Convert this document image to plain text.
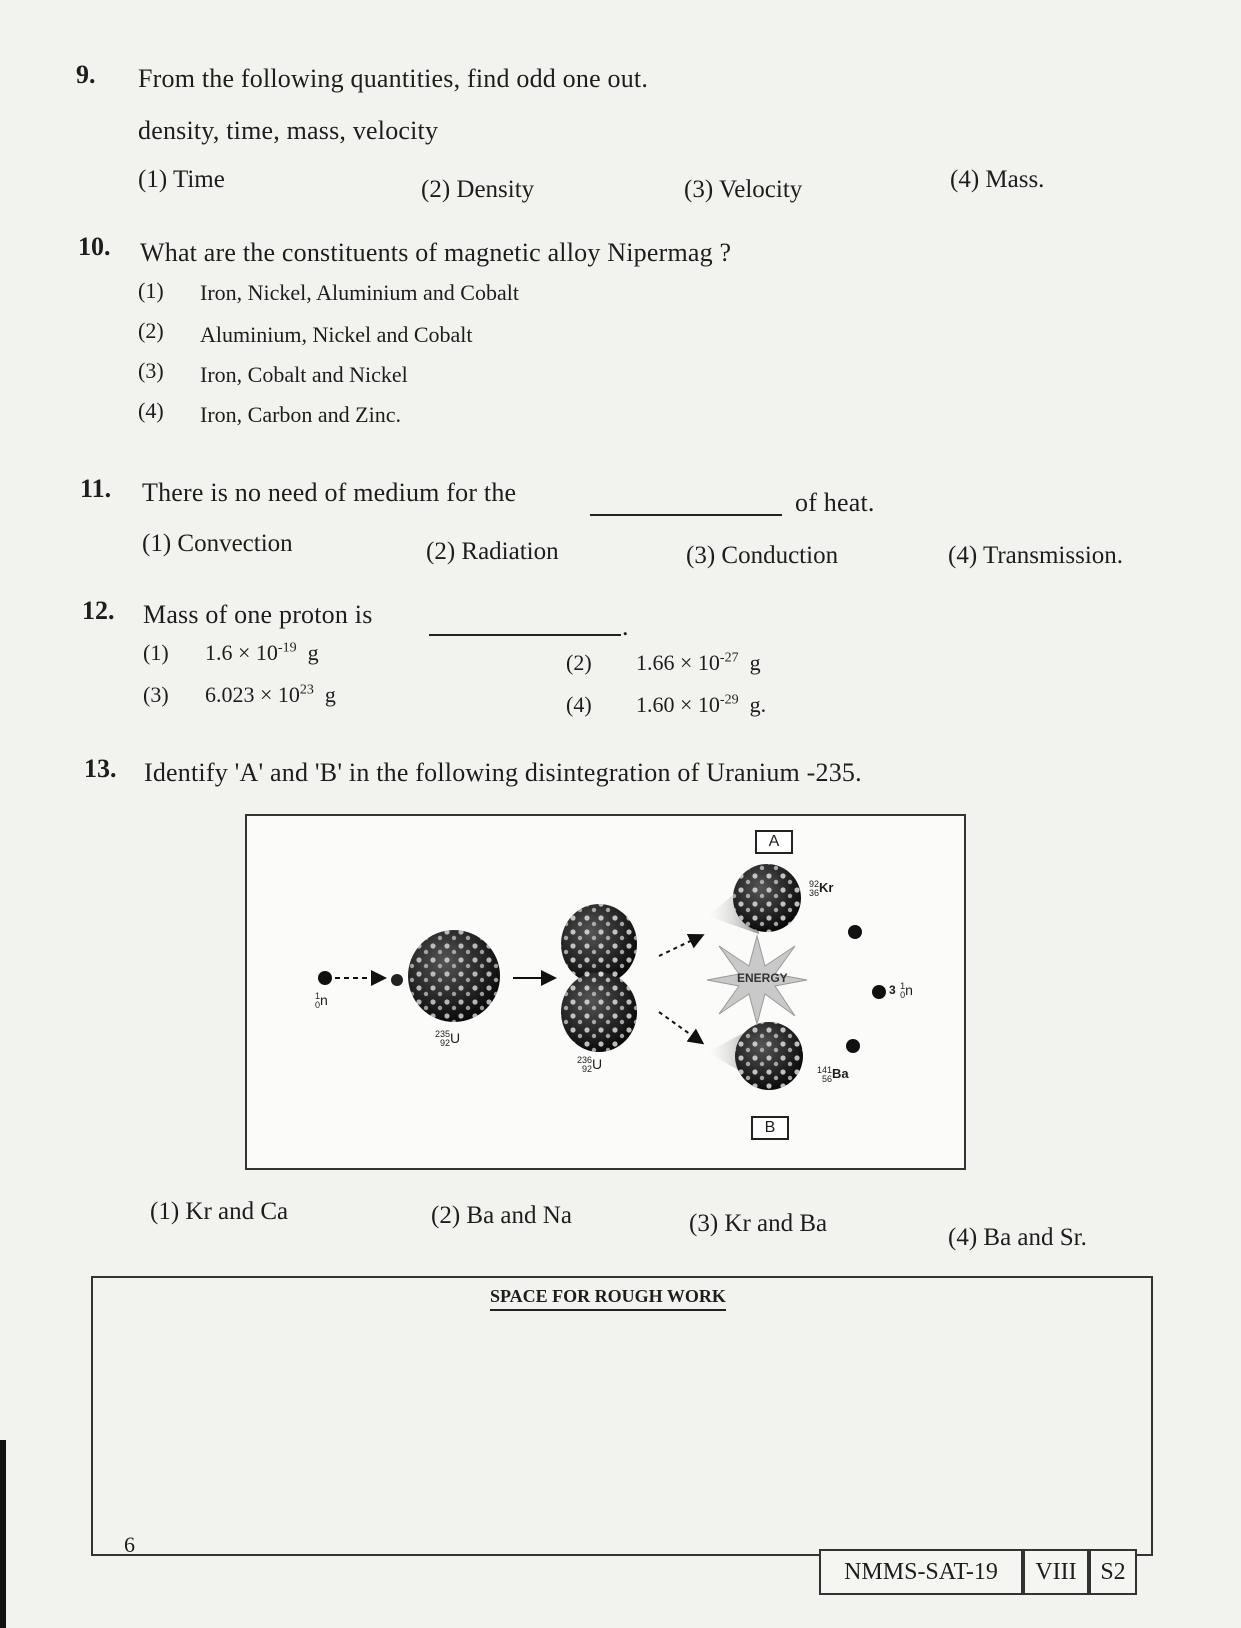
9. From the following quantities, find odd one out.
density, time, mass, velocity
(1) Time	(2) Density	(3) Velocity	(4) Mass.
10. What are the constituents of magnetic alloy Nipermag ?
(1) Iron, Nickel, Aluminium and Cobalt
(2) Aluminium, Nickel and Cobalt
(3) Iron, Cobalt and Nickel
(4) Iron, Carbon and Zinc.
11. There is no need of medium for the	of heat.
(1) Convection	(2) Radiation	(3) Conduction	(4) Transmission.
12. Mass of one proton is	.
(1) $1.6 \times 10^{-19}$ g	(2) $1.66 \times 10^{-27}$ g
(3) $6.023 \times 10^{23}$ g	(4) $1.60 \times 10^{-29}$ g.
13. Identify 'A' and 'B' in the following disintegration of Uranium -235.
A
B
ENERGY
1
0n
235
92U
236
92U
92
$36^{Kr}$
141
$56^{Ba}$
$^3$ 1
0n
(1) Kr and Ca	(2) Ba and Na	(3) Kr and Ba
(4) Ba and Sr.
SPACE FOR ROUGH WORK
6
NMMS-SAT-19	VIII S2
